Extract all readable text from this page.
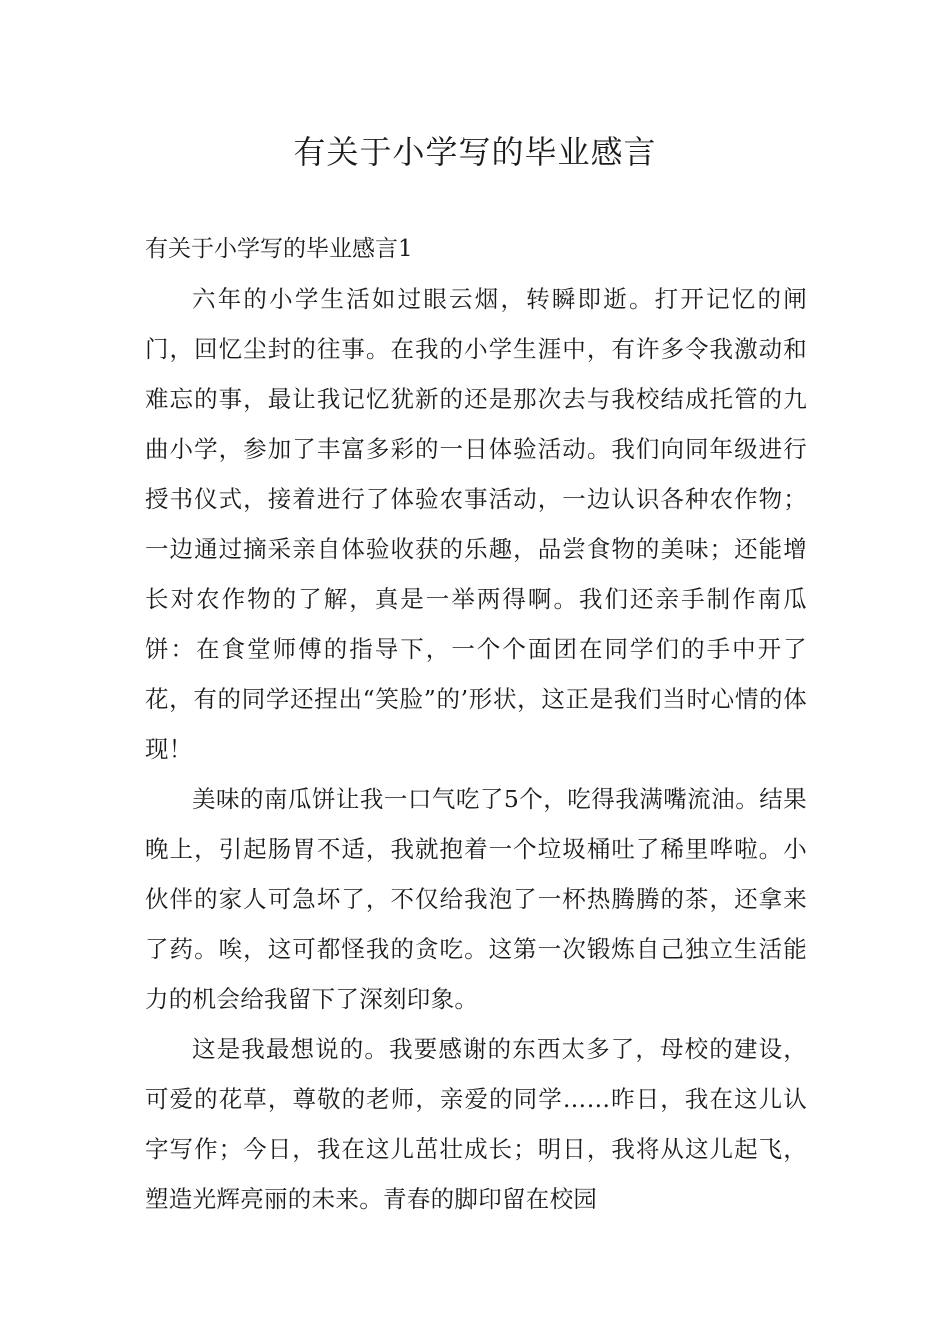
有关于小学写的毕业感言

有关于小学写的毕业感言1

六年的小学生活如过眼云烟，转瞬即逝。打开记忆的闸门，回忆尘封的往事。在我的小学生涯中，有许多令我激动和难忘的事，最让我记忆犹新的还是那次去与我校结成托管的九曲小学，参加了丰富多彩的一日体验活动。我们向同年级进行授书仪式，接着进行了体验农事活动，一边认识各种农作物；一边通过摘采亲自体验收获的乐趣，品尝食物的美味；还能增长对农作物的了解，真是一举两得啊。我们还亲手制作南瓜饼：在食堂师傅的指导下，一个个面团在同学们的手中开了花，有的同学还捏出“笑脸”的’形状，这正是我们当时心情的体现！

美味的南瓜饼让我一口气吃了5个，吃得我满嘴流油。结果晚上，引起肠胃不适，我就抱着一个垃圾桶吐了稀里哗啦。小伙伴的家人可急坏了，不仅给我泡了一杯热腾腾的茶，还拿来了药。唉，这可都怪我的贪吃。这第一次锻炼自己独立生活能力的机会给我留下了深刻印象。

这是我最想说的。我要感谢的东西太多了，母校的建设，可爱的花草，尊敬的老师，亲爱的同学……昨日，我在这儿认字写作；今日，我在这儿茁壮成长；明日，我将从这儿起飞，塑造光辉亮丽的未来。青春的脚印留在校园
